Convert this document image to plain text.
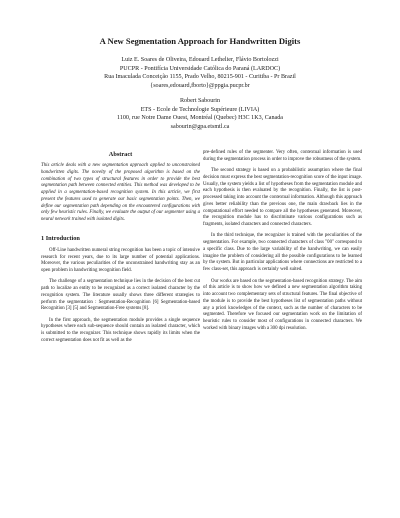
A New Segmentation Approach for Handwritten Digits
Luiz E. Soares de Oliveira, Edouard Lethelier, Flávio Bortolozzi
PUCPR - Pontifícia Universidade Católica do Paraná (LARDOC)
Rua Imaculada Conceição 1155, Prado Velho, 80215-901 - Curitiba - Pr Brazil
{soares,edouard,fborto}@ppgia.pucpr.br
Robert Sabourin
ETS - Ecole de Technologie Supérieure (LIVIA)
1100, rue Notre Dame Ouest, Montréal (Quebec) H3C 1K3, Canada
sabourin@gpa.etsmtl.ca
Abstract

This article deals with a new segmentation approach applied to unconstrained handwritten digits. The novelty of the proposed algorithm is based on the combination of two types of structural features in order to provide the best segmentation path between connected entities. This method was developed to be applied in a segmentation-based recognition system. In this article, we first present the features used to generate our basic segmentation points. Then, we define our segmentation path depending on the encountered configurations with only few heuristic rules. Finally, we evaluate the output of our segmenter using a neural network trained with isolated digits.

1 Introduction

Off-Line handwritten numeral string recognition has been a topic of intensive research for recent years, due to its large number of potential applications. Moreover, the various peculiarities of the unconstrained handwriting stay as an open problem in handwriting recognition field.

The challenge of a segmentation technique lies in the decision of the best cut path to localize an entity to be recognized as a correct isolated character by the recognition system. The literature usually shows three different strategies to perform the segmentation : Segmentation-Recognition [6] Segmentation-based Recognition [3] [5] and Segmentation-Free systems [8].

In the first approach, the segmentation module provides a single sequence hypotheses where each sub-sequence should contain an isolated character, which is submitted to the recognizer. This technique shows rapidly its limits when the correct segmentation does not fit as well as the

pre-defined rules of the segmenter. Very often, contextual information is used during the segmentation process in order to improve the robustness of the system.

The second strategy is based on a probabilistic assumption where the final decision must express the best segmentation-recognition score of the input image. Usually, the system yields a list of hypotheses from the segmentation module and each hypothesis is then evaluated by the recognition. Finally, the list is post-processed taking into account the contextual information. Although this approach gives better reliability than the previous one, the main drawback lies in the computational effort needed to compare all the hypotheses generated. Moreover, the recognition module has to discriminate various configurations such as fragments, isolated characters and connected characters.

In the third technique, the recognizer is trained with the peculiarities of the segmentation. For example, two connected characters of class "00" correspond to a specific class. Due to the large variability of the handwriting, we can easily imagine the problem of considering all the possible configurations to be learned by the system. But in particular applications where connections are restricted to a few class-set, this approach is certainly well suited.

Our works are based on the segmentation-based recognition strategy. The aim of this article is to show how we defined a new segmentation algorithm taking into account two complementary sets of structural features. The final objective of the module is to provide the best hypotheses list of segmentation paths without any a priori knowledges of the context, such as the number of characters to be segmented. Therefore we focused our segmentation work on the limitation of heuristic rules to consider most of configurations in connected characters. We worked with binary images with a 300 dpi resolution.
